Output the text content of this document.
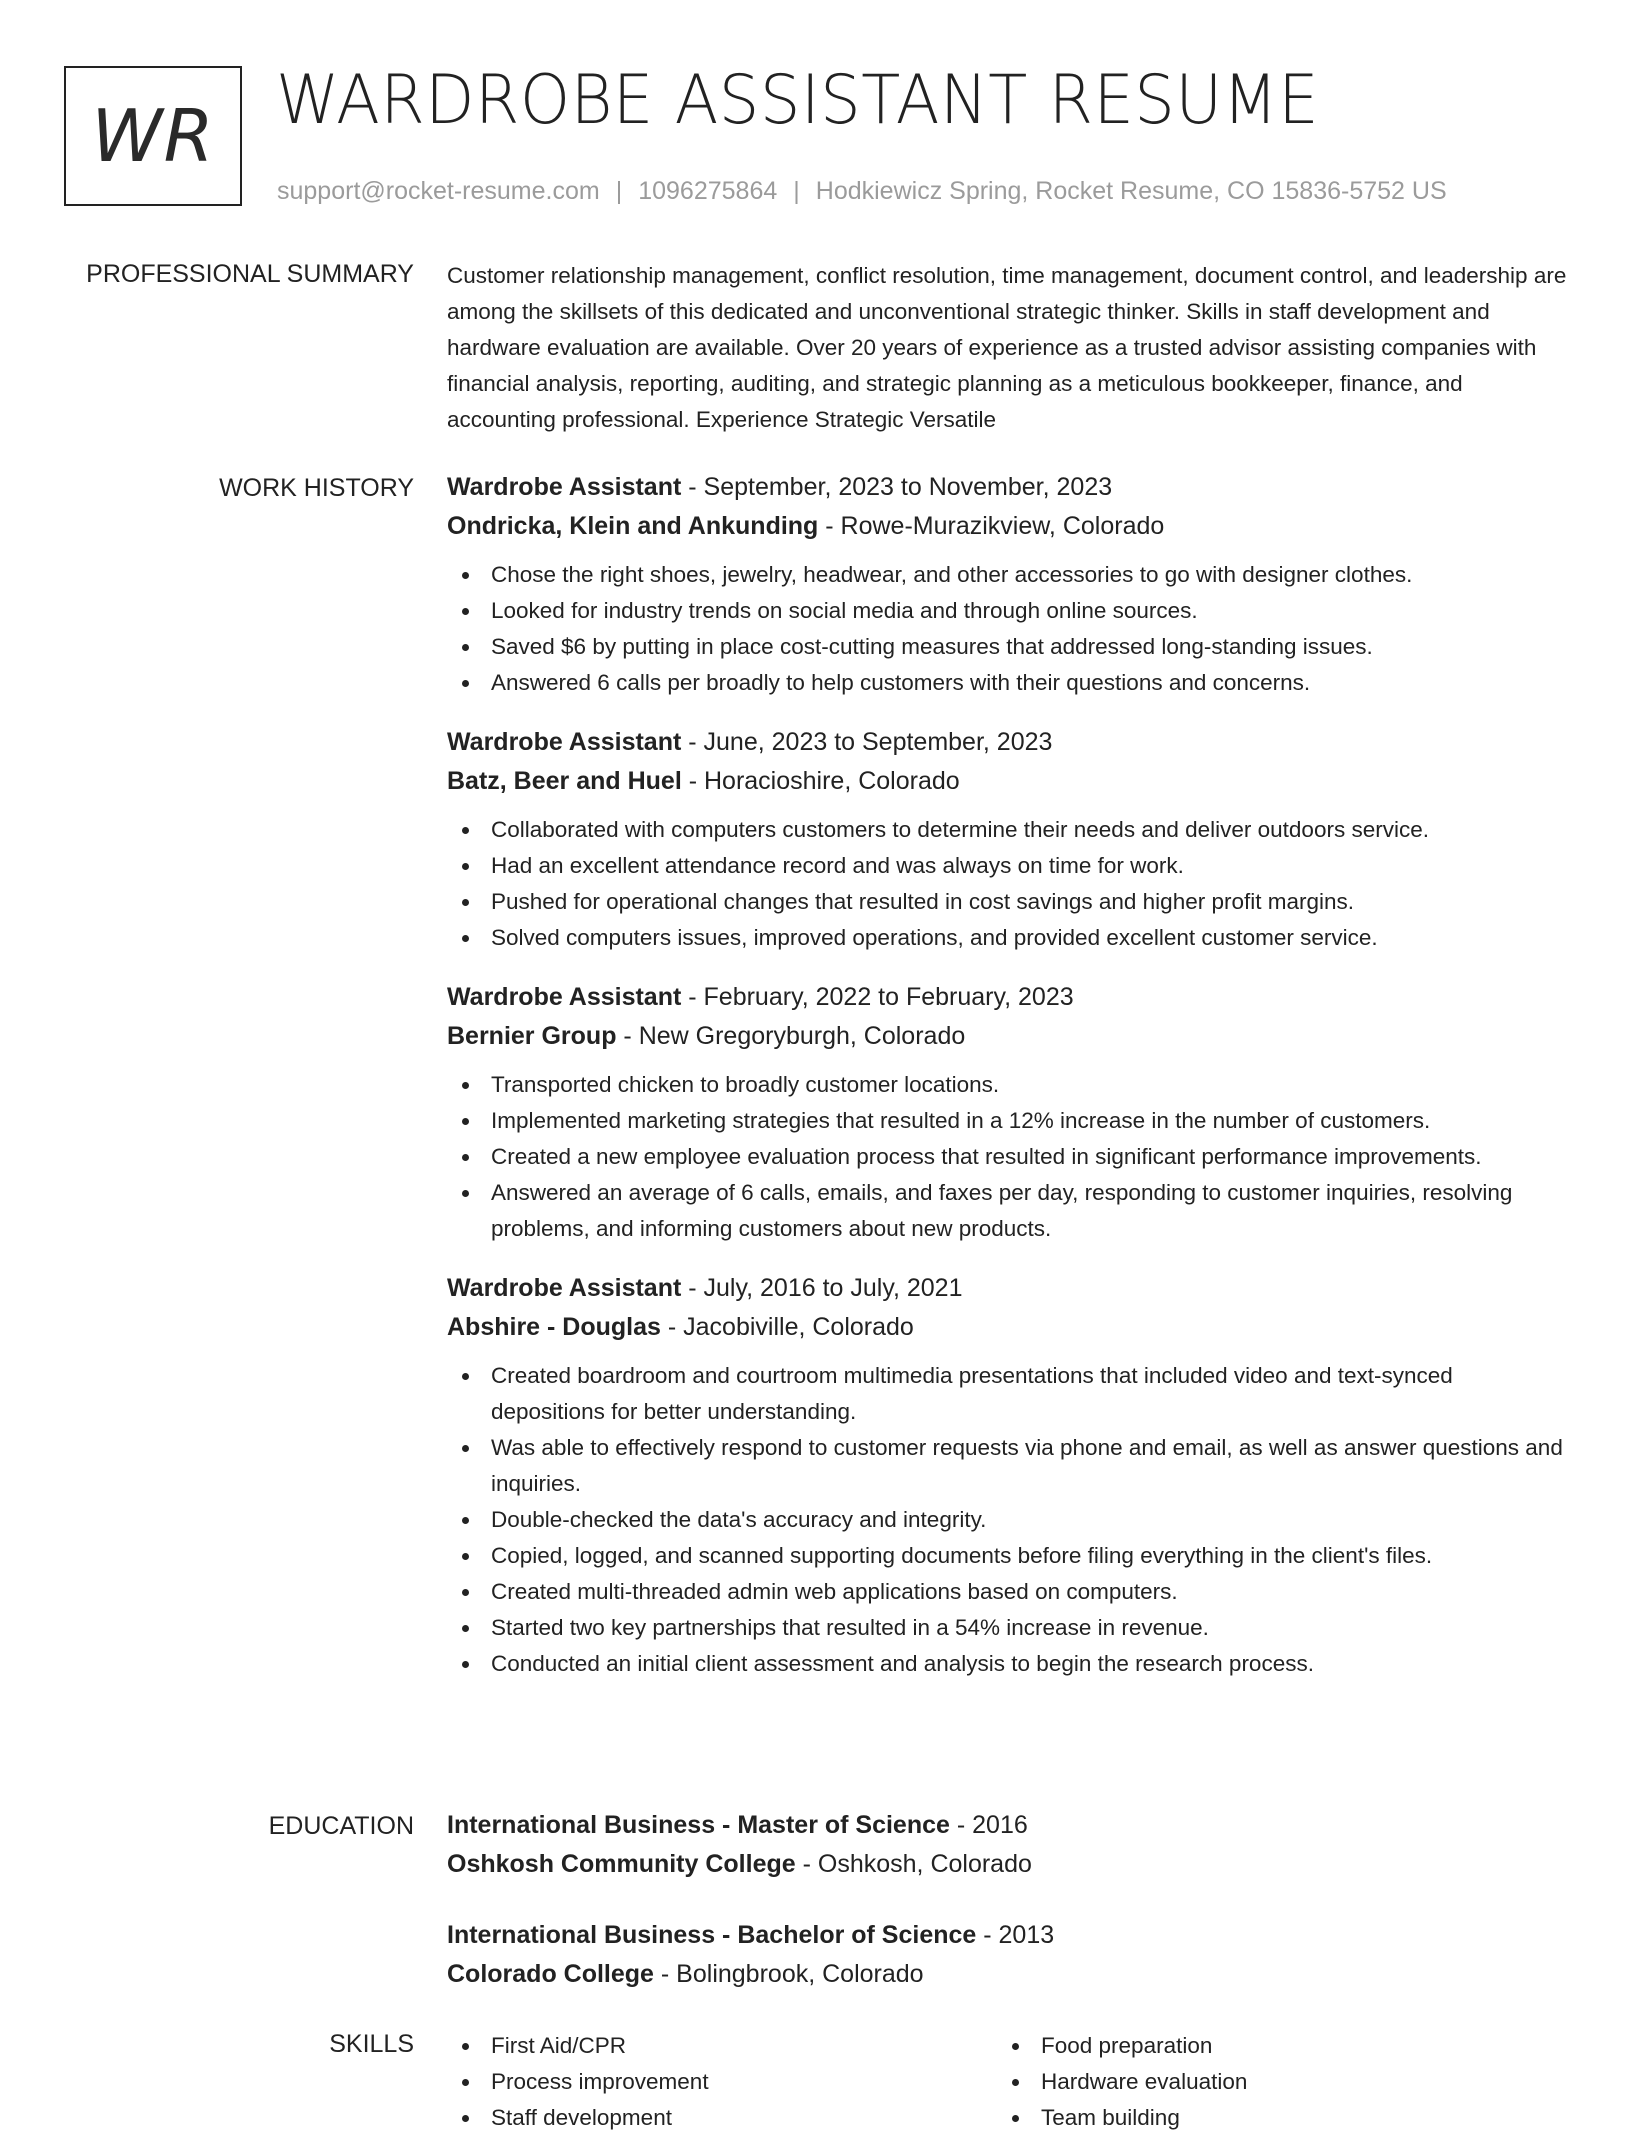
WR WARDROBE ASSISTANT RESUME
support@rocket-resume.com | 1096275864 | Hodkiewicz Spring, Rocket Resume, CO 15836-5752 US
PROFESSIONAL SUMMARY Customer relationship management, conflict resolution, time management, document control, and leadership are among the skillsets of this dedicated and unconventional strategic thinker. Skills in staff development and hardware evaluation are available. Over 20 years of experience as a trusted advisor assisting companies with financial analysis, reporting, auditing, and strategic planning as a meticulous bookkeeper, finance, and accounting professional. Experience Strategic Versatile

WORK HISTORY Wardrobe Assistant - September, 2023 to November, 2023
Ondricka, Klein and Ankunding - Rowe-Murazikview, Colorado
Chose the right shoes, jewelry, headwear, and other accessories to go with designer clothes.
Looked for industry trends on social media and through online sources.
Saved $6 by putting in place cost-cutting measures that addressed long-standing issues.
Answered 6 calls per broadly to help customers with their questions and concerns.
Wardrobe Assistant - June, 2023 to September, 2023
Batz, Beer and Huel - Horacioshire, Colorado
Collaborated with computers customers to determine their needs and deliver outdoors service.
Had an excellent attendance record and was always on time for work.
Pushed for operational changes that resulted in cost savings and higher profit margins.
Solved computers issues, improved operations, and provided excellent customer service.
Wardrobe Assistant - February, 2022 to February, 2023
Bernier Group - New Gregoryburgh, Colorado
Transported chicken to broadly customer locations.
Implemented marketing strategies that resulted in a 12% increase in the number of customers.
Created a new employee evaluation process that resulted in significant performance improvements.
Answered an average of 6 calls, emails, and faxes per day, responding to customer inquiries, resolving problems, and informing customers about new products.
Wardrobe Assistant - July, 2016 to July, 2021
Abshire - Douglas - Jacobiville, Colorado
Created boardroom and courtroom multimedia presentations that included video and text-synced depositions for better understanding.
Was able to effectively respond to customer requests via phone and email, as well as answer questions and inquiries.
Double-checked the data's accuracy and integrity.
Copied, logged, and scanned supporting documents before filing everything in the client's files.
Created multi-threaded admin web applications based on computers.
Started two key partnerships that resulted in a 54% increase in revenue.
Conducted an initial client assessment and analysis to begin the research process.
EDUCATION International Business - Master of Science - 2016
Oshkosh Community College - Oshkosh, Colorado
International Business - Bachelor of Science - 2013
Colorado College - Bolingbrook, Colorado
SKILLS	First Aid/CPR
Process improvement
Staff development
Food preparation
Hardware evaluation
Team building
